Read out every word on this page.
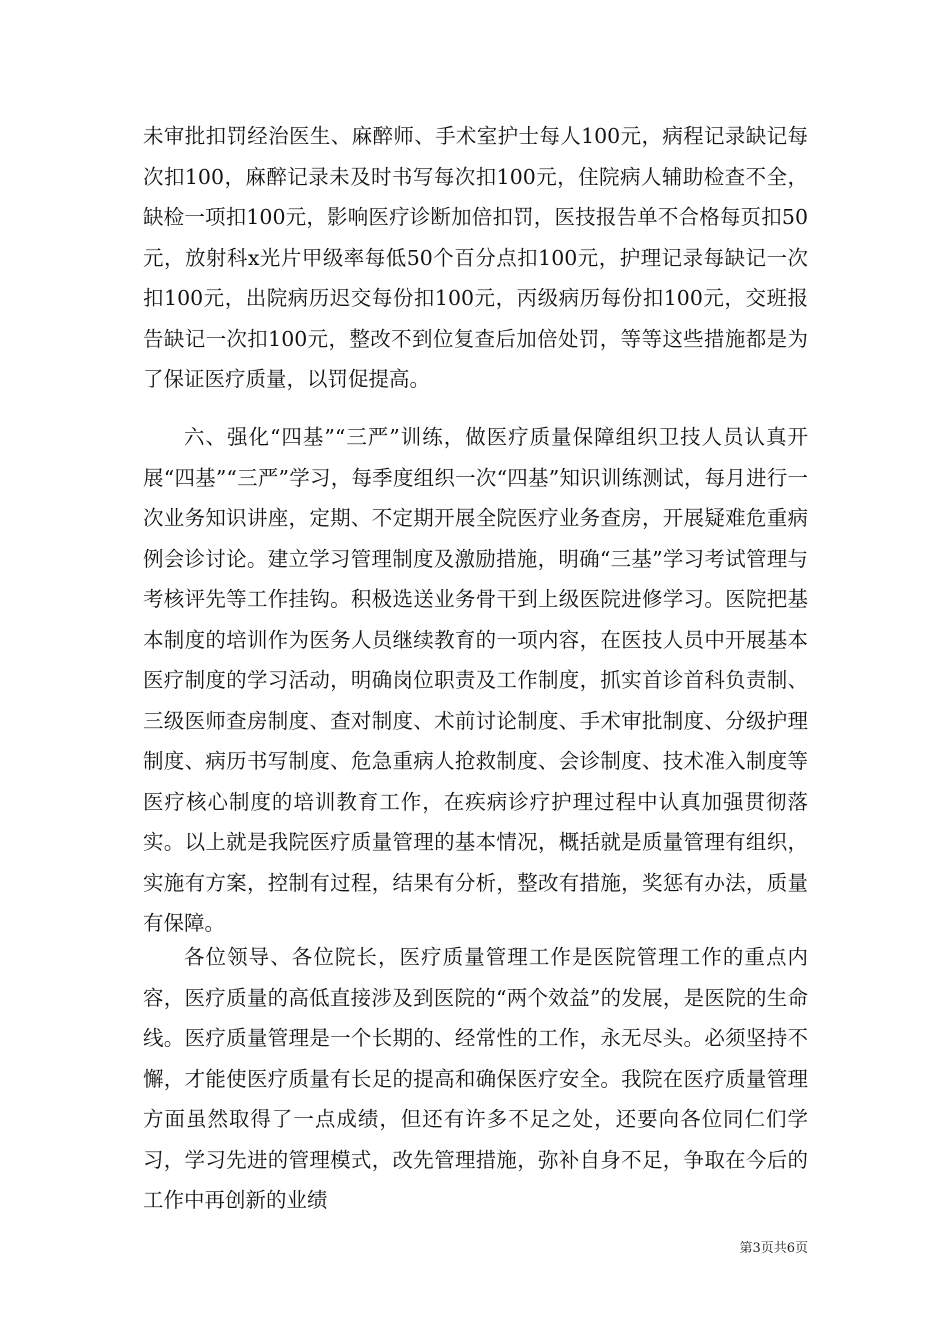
未审批扣罚经治医生、麻醉师、手术室护士每人100元，病程记录缺记每次扣100，麻醉记录未及时书写每次扣100元，住院病人辅助检查不全，缺检一项扣100元，影响医疗诊断加倍扣罚，医技报告单不合格每页扣50元，放射科x光片甲级率每低50个百分点扣100元，护理记录每缺记一次扣100元，出院病历迟交每份扣100元，丙级病历每份扣100元，交班报告缺记一次扣100元，整改不到位复查后加倍处罚，等等这些措施都是为了保证医疗质量，以罚促提高。

六、强化“四基”“三严”训练，做医疗质量保障组织卫技人员认真开展“四基”“三严”学习，每季度组织一次“四基”知识训练测试，每月进行一次业务知识讲座，定期、不定期开展全院医疗业务查房，开展疑难危重病例会诊讨论。建立学习管理制度及激励措施，明确“三基”学习考试管理与考核评先等工作挂钩。积极选送业务骨干到上级医院进修学习。医院把基本制度的培训作为医务人员继续教育的一项内容，在医技人员中开展基本医疗制度的学习活动，明确岗位职责及工作制度，抓实首诊首科负责制、三级医师查房制度、查对制度、术前讨论制度、手术审批制度、分级护理制度、病历书写制度、危急重病人抢救制度、会诊制度、技术准入制度等医疗核心制度的培训教育工作，在疾病诊疗护理过程中认真加强贯彻落实。以上就是我院医疗质量管理的基本情况，概括就是质量管理有组织，实施有方案，控制有过程，结果有分析，整改有措施，奖惩有办法，质量有保障。

各位领导、各位院长，医疗质量管理工作是医院管理工作的重点内容，医疗质量的高低直接涉及到医院的“两个效益”的发展，是医院的生命线。医疗质量管理是一个长期的、经常性的工作，永无尽头。必须坚持不懈，才能使医疗质量有长足的提高和确保医疗安全。我院在医疗质量管理方面虽然取得了一点成绩，但还有许多不足之处，还要向各位同仁们学习，学习先进的管理模式，改先管理措施，弥补自身不足，争取在今后的工作中再创新的业绩

第3页共6页
